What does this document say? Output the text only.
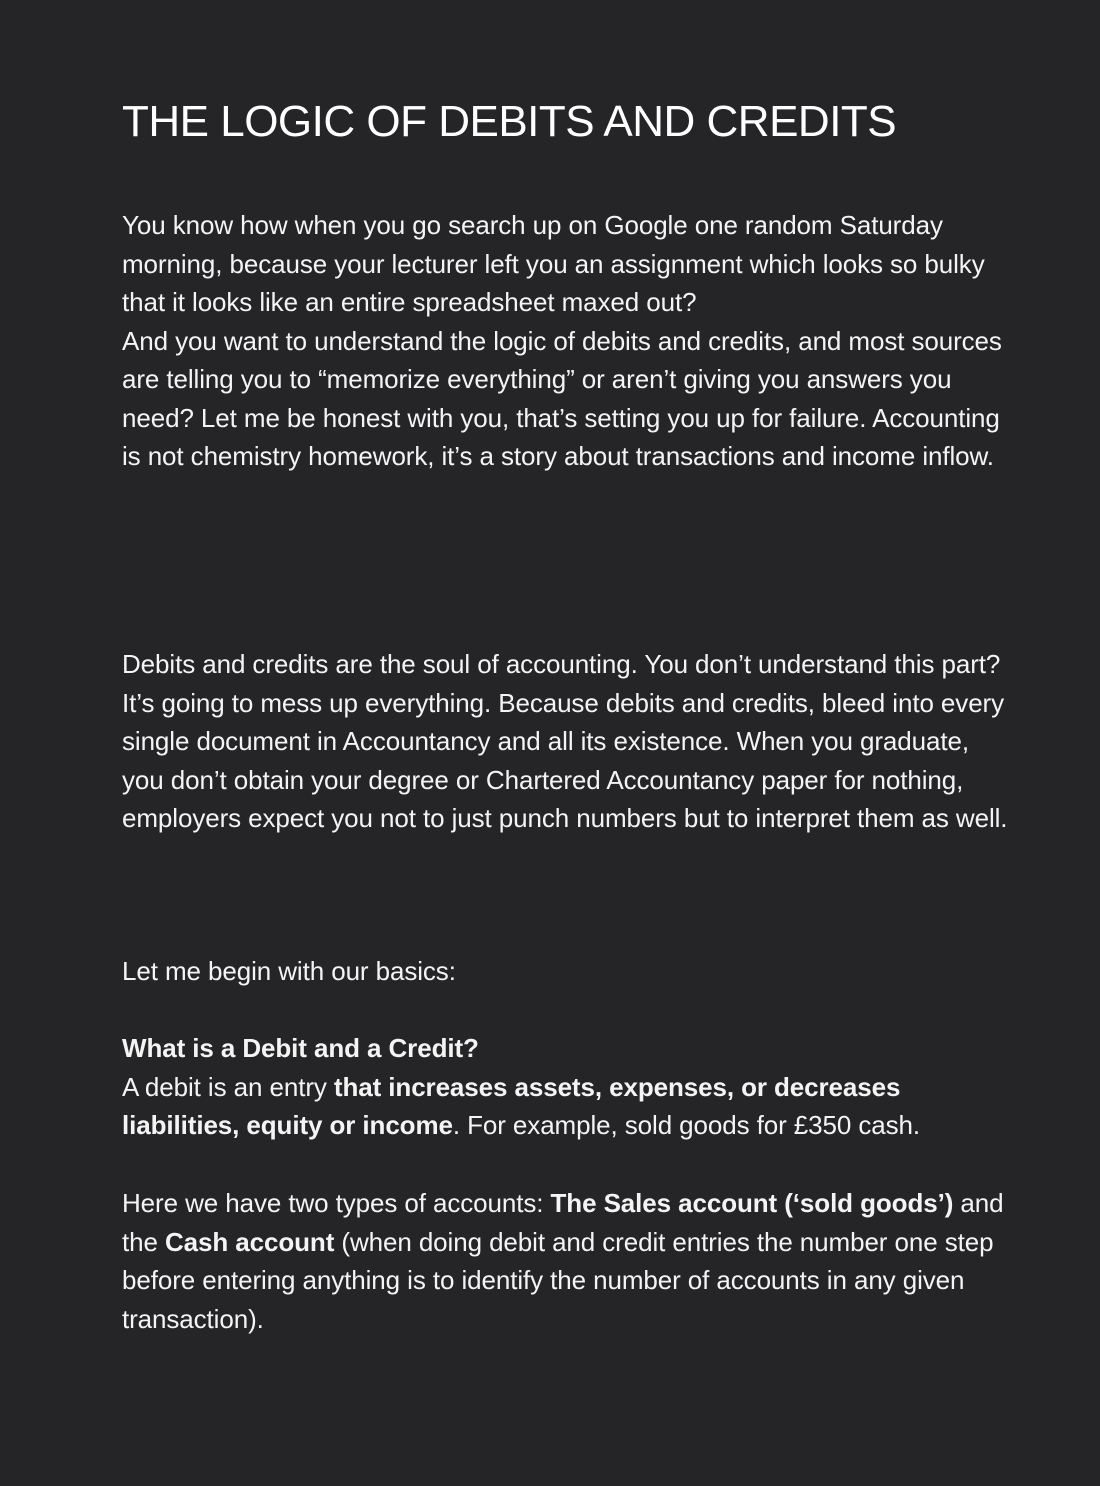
THE LOGIC OF DEBITS AND CREDITS

You know how when you go search up on Google one random Saturday morning, because your lecturer left you an assignment which looks so bulky that it looks like an entire spreadsheet maxed out?
And you want to understand the logic of debits and credits, and most sources are telling you to “memorize everything” or aren’t giving you answers you need? Let me be honest with you, that’s setting you up for failure. Accounting is not chemistry homework, it’s a story about transactions and income inflow.

Debits and credits are the soul of accounting. You don’t understand this part? It’s going to mess up everything. Because debits and credits, bleed into every single document in Accountancy and all its existence. When you graduate, you don’t obtain your degree or Chartered Accountancy paper for nothing, employers expect you not to just punch numbers but to interpret them as well.

Let me begin with our basics:

What is a Debit and a Credit?
A debit is an entry that increases assets, expenses, or decreases liabilities, equity or income. For example, sold goods for £350 cash.

Here we have two types of accounts: The Sales account (‘sold goods’) and the Cash account (when doing debit and credit entries the number one step before entering anything is to identify the number of accounts in any given transaction).
